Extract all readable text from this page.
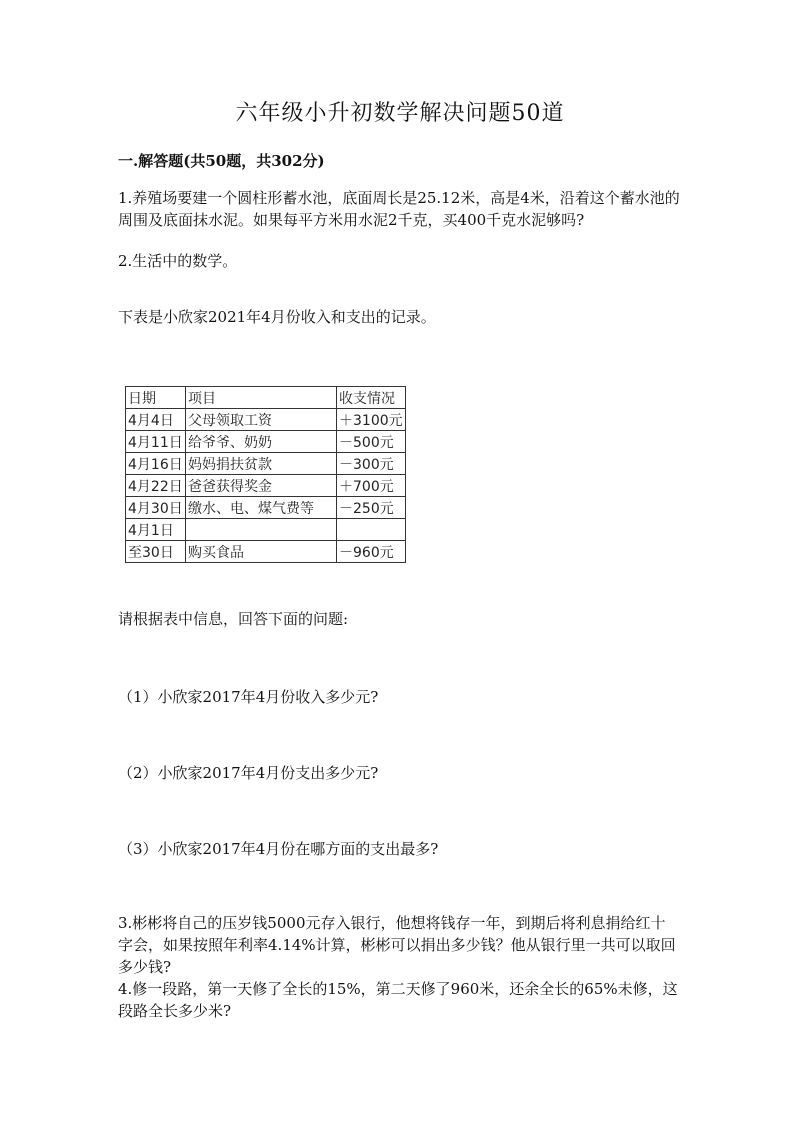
六年级小升初数学解决问题50道
一.解答题(共50题，共302分)
1.养殖场要建一个圆柱形蓄水池，底面周长是25.12米，高是4米，沿着这个蓄水池的周围及底面抹水泥。如果每平方米用水泥2千克，买400千克水泥够吗?
2.生活中的数学。
下表是小欣家2021年4月份收入和支出的记录。
日期	项目	收支情况
4月4日	父母领取工资	＋3100元
4月11日	给爷爷、奶奶	－500元
4月16日	妈妈捐扶贫款	－300元
4月22日	爸爸获得奖金	＋700元
4月30日	缴水、电、煤气费等	－250元
4月1日		
至30日	购买食品	－960元
请根据表中信息，回答下面的问题:
（1）小欣家2017年4月份收入多少元?
（2）小欣家2017年4月份支出多少元?
（3）小欣家2017年4月份在哪方面的支出最多?
3.彬彬将自己的压岁钱5000元存入银行，他想将钱存一年，到期后将利息捐给红十字会，如果按照年利率4.14%计算，彬彬可以捐出多少钱？他从银行里一共可以取回多少钱?
4.修一段路，第一天修了全长的15%，第二天修了960米，还余全长的65%未修，这段路全长多少米?
